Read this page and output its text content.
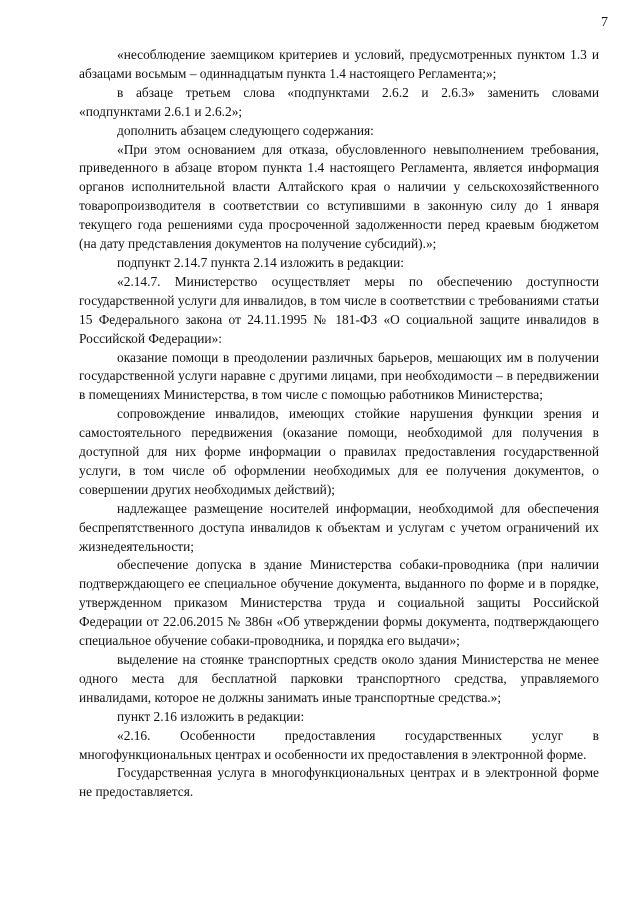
7

«несоблюдение заемщиком критериев и условий, предусмотренных пунктом 1.3 и абзацами восьмым – одиннадцатым пункта 1.4 настоящего Регламента;»;

в абзаце третьем слова «подпунктами 2.6.2 и 2.6.3» заменить словами «подпунктами 2.6.1 и 2.6.2»;

дополнить абзацем следующего содержания:

«При этом основанием для отказа, обусловленного невыполнением требования, приведенного в абзаце втором пункта 1.4 настоящего Регламента, является информация органов исполнительной власти Алтайского края о наличии у сельскохозяйственного товаропроизводителя в соответствии со вступившими в законную силу до 1 января текущего года решениями суда просроченной задолженности перед краевым бюджетом (на дату представления документов на получение субсидий).»;

подпункт 2.14.7 пункта 2.14 изложить в редакции:

«2.14.7. Министерство осуществляет меры по обеспечению доступности государственной услуги для инвалидов, в том числе в соответствии с требованиями статьи 15 Федерального закона от 24.11.1995 № 181-ФЗ «О социальной защите инвалидов в Российской Федерации»:

оказание помощи в преодолении различных барьеров, мешающих им в получении государственной услуги наравне с другими лицами, при необходимости – в передвижении в помещениях Министерства, в том числе с помощью работников Министерства;

сопровождение инвалидов, имеющих стойкие нарушения функции зрения и самостоятельного передвижения (оказание помощи, необходимой для получения в доступной для них форме информации о правилах предоставления государственной услуги, в том числе об оформлении необходимых для ее получения документов, о совершении других необходимых действий);

надлежащее размещение носителей информации, необходимой для обеспечения беспрепятственного доступа инвалидов к объектам и услугам с учетом ограничений их жизнедеятельности;

обеспечение допуска в здание Министерства собаки-проводника (при наличии подтверждающего ее специальное обучение документа, выданного по форме и в порядке, утвержденном приказом Министерства труда и социальной защиты Российской Федерации от 22.06.2015 № 386н «Об утверждении формы документа, подтверждающего специальное обучение собаки-проводника, и порядка его выдачи»;

выделение на стоянке транспортных средств около здания Министерства не менее одного места для бесплатной парковки транспортного средства, управляемого инвалидами, которое не должны занимать иные транспортные средства.»;

пункт 2.16 изложить в редакции:

«2.16. Особенности предоставления государственных услуг в многофункциональных центрах и особенности их предоставления в электронной форме.

Государственная услуга в многофункциональных центрах и в электронной форме не предоставляется.
